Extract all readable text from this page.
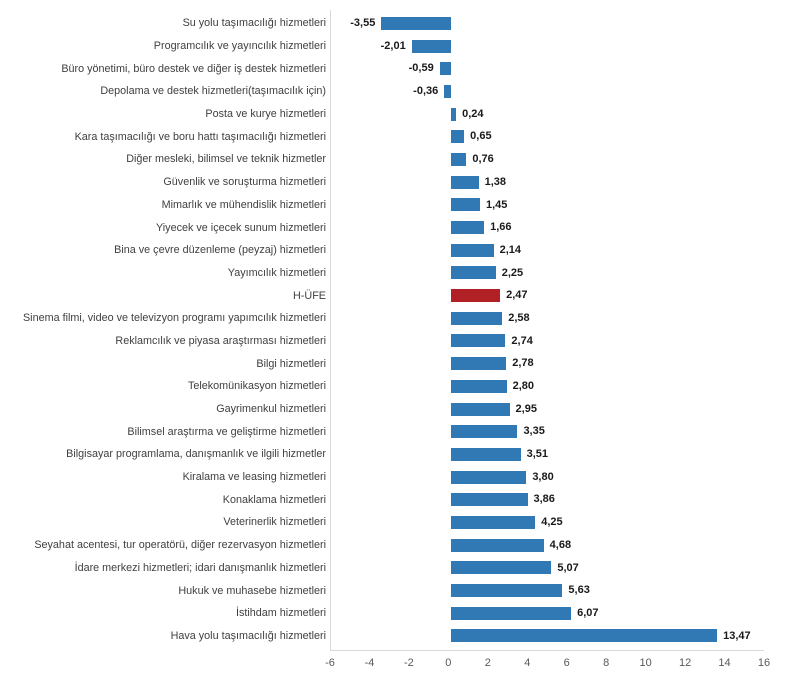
Su yolu taşımacılığı hizmetleri	-3,55
Programcılık ve yayıncılık hizmetleri	-2,01
Büro yönetimi, büro destek ve diğer iş destek hizmetleri	-0,59
Depolama ve destek hizmetleri(taşımacılık için)	-0,36
Posta ve kurye hizmetleri	0,24
Kara taşımacılığı ve boru hattı taşımacılığı hizmetleri	0,65
Diğer mesleki, bilimsel ve teknik hizmetler	0,76
Güvenlik ve soruşturma hizmetleri	1,38
Mimarlık ve mühendislik hizmetleri	1,45
Yiyecek ve içecek sunum hizmetleri	1,66
Bina ve çevre düzenleme (peyzaj) hizmetleri	2,14
Yayımcılık hizmetleri	2,25
H-ÜFE	2,47
Sinema filmi, video ve televizyon programı yapımcılık hizmetleri	2,58
Reklamcılık ve piyasa araştırması hizmetleri	2,74
Bilgi hizmetleri	2,78
Telekomünikasyon hizmetleri	2,80
Gayrimenkul hizmetleri	2,95
Bilimsel araştırma ve geliştirme hizmetleri	3,35
Bilgisayar programlama, danışmanlık ve ilgili hizmetler	3,51
Kiralama ve leasing hizmetleri	3,80
Konaklama hizmetleri	3,86
Veterinerlik hizmetleri	4,25
Seyahat acentesi, tur operatörü, diğer rezervasyon hizmetleri	4,68
İdare merkezi hizmetleri; idari danışmanlık hizmetleri	5,07
Hukuk ve muhasebe hizmetleri	5,63
İstihdam hizmetleri	6,07
Hava yolu taşımacılığı hizmetleri	13,47
-6	-4	-2	0	2	4	6	8	10 12 14 16
